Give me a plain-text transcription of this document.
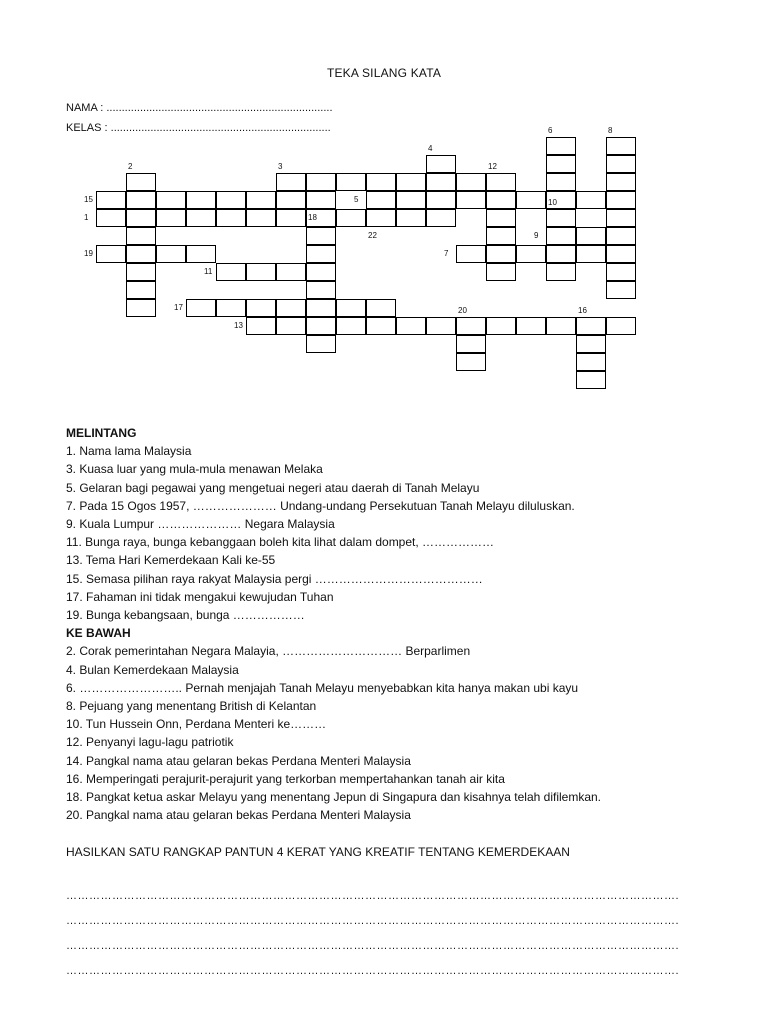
TEKA SILANG KATA
NAMA : ..........................................................................
KELAS : ........................................................................
1
2	3
4
5
6
7
8
9
10
11
12
13
15
16
17
18
19
20
22
MELINTANG
1. Nama lama Malaysia
3. Kuasa luar yang mula-mula menawan Melaka
5. Gelaran bagi pegawai yang mengetuai negeri atau daerah di Tanah Melayu
7. Pada 15 Ogos 1957, ………………… Undang-undang Persekutuan Tanah Melayu diluluskan.
9. Kuala Lumpur ………………… Negara Malaysia
11. Bunga raya, bunga kebanggaan boleh kita lihat dalam dompet, ………………
13. Tema Hari Kemerdekaan Kali ke-55
15. Semasa pilihan raya rakyat Malaysia pergi ……………………………………
17. Fahaman ini tidak mengakui kewujudan Tuhan
19. Bunga kebangsaan, bunga ………………
KE BAWAH
2. Corak pemerintahan Negara Malayia, ………………………… Berparlimen
4. Bulan Kemerdekaan Malaysia
6. …………………….. Pernah menjajah Tanah Melayu menyebabkan kita hanya makan ubi kayu
8. Pejuang yang menentang British di Kelantan
10. Tun Hussein Onn, Perdana Menteri ke………
12. Penyanyi lagu-lagu patriotik
14. Pangkal nama atau gelaran bekas Perdana Menteri Malaysia
16. Memperingati perajurit-perajurit yang terkorban mempertahankan tanah air kita
18. Pangkat ketua askar Melayu yang menentang Jepun di Singapura dan kisahnya telah difilemkan.
20. Pangkal nama atau gelaran bekas Perdana Menteri Malaysia
HASILKAN SATU RANGKAP PANTUN 4 KERAT YANG KREATIF TENTANG KEMERDEKAAN
…………………………………………………………………………………………………………………………………………….
…………………………………………………………………………………………………………………………………………….
…………………………………………………………………………………………………………………………………………….
…………………………………………………………………………………………………………………………………………….
